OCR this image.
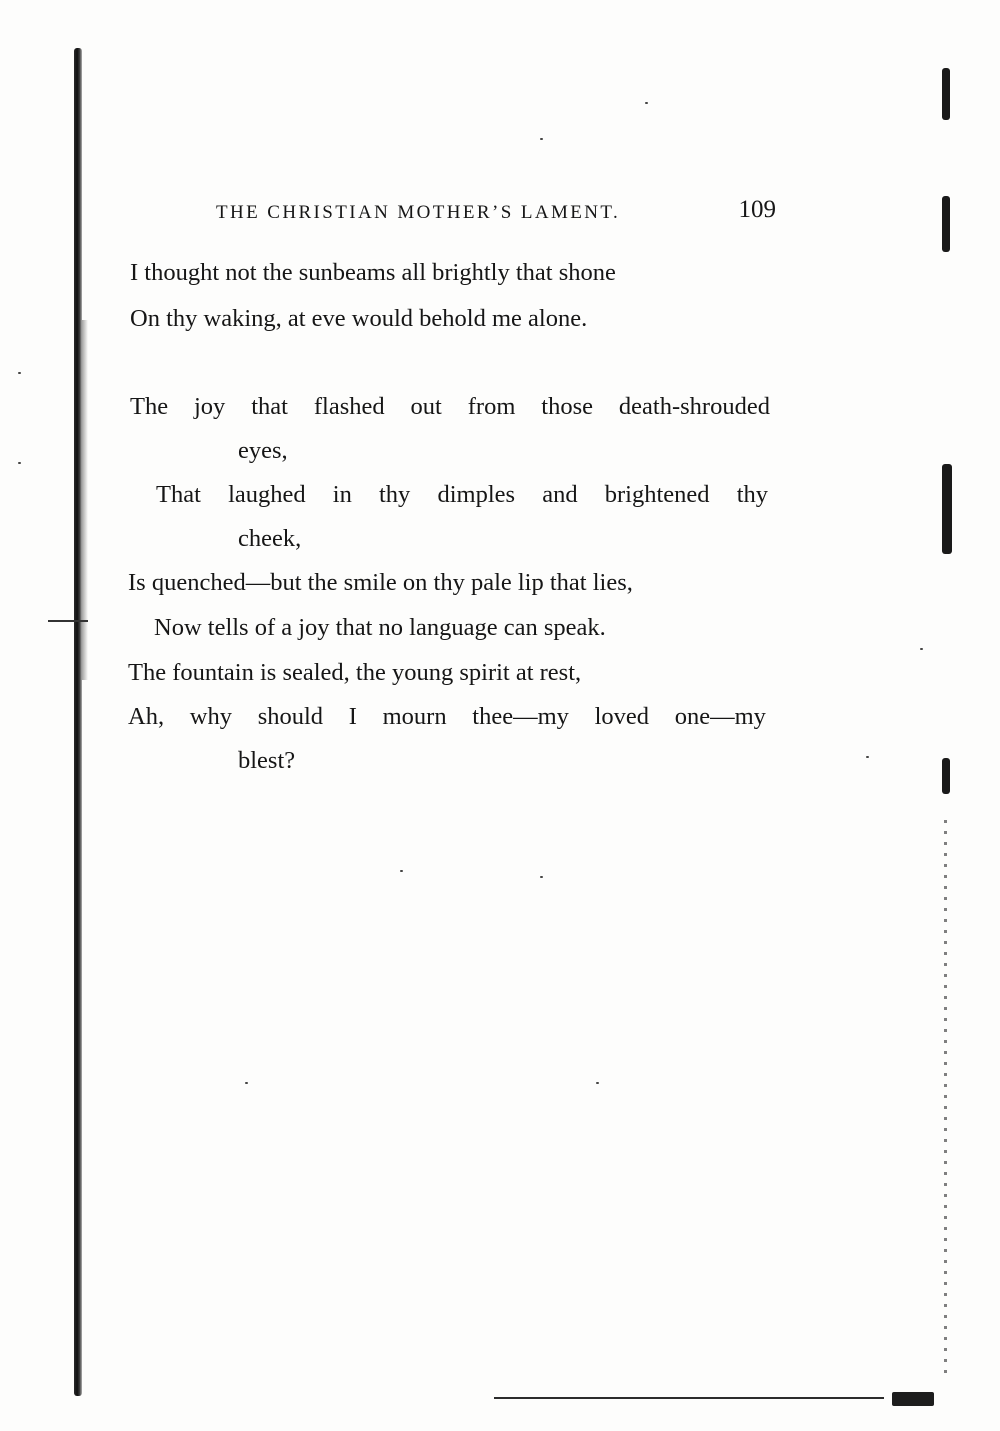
THE CHRISTIAN MOTHER’S LAMENT.	109
I thought not the sunbeams all brightly that shone
On thy waking, at eve would behold me alone.
The joy that flashed out from those death-shrouded
eyes,
That laughed in thy dimples and brightened thy
cheek,
Is quenched—but the smile on thy pale lip that lies,
Now tells of a joy that no language can speak.
The fountain is sealed, the young spirit at rest,
Ah, why should I mourn thee—my loved one—my
blest?
